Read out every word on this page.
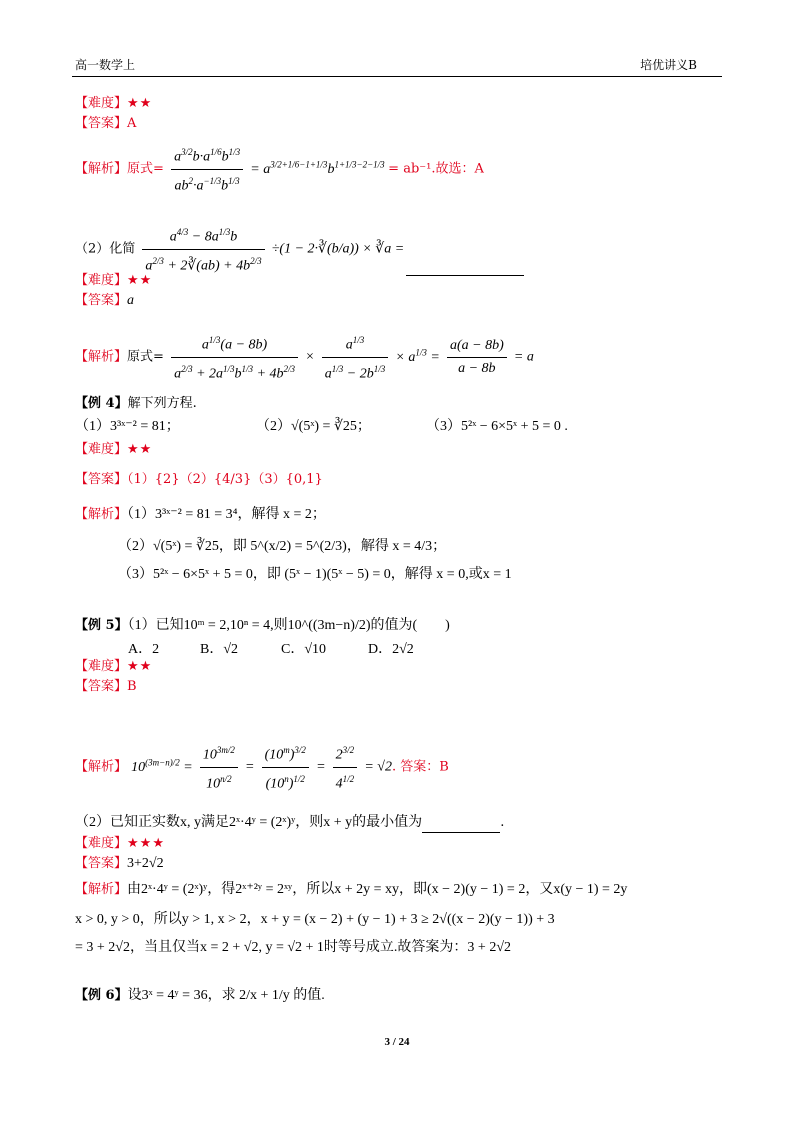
高一数学上	培优讲义B
【难度】★★
【答案】A
【解析】原式= $\frac{a^{3/2}b\cdot a^{1/6}b^{1/3}}{ab^2\cdot a^{-1/3}b^{1/3}} = a^{3/2+1/6-1+1/3}b^{1+1/3-2-1/3} = ab^{-1}$.故选：A
（2）化简 $\frac{a^{4/3} - 8a^{1/3}b}{a^{2/3} + 2∛(ab) + 4b^{2/3}} \div(1$ − 2·∛(b/a)) × ∛a =
【难度】★★
【答案】a
【解析】原式= $\frac{a^{1/3}(a - 8b)}{a^{2/3} + 2a^{1/3}b^{1/3} + 4b^{2/3}} \times \frac{a^{1/3}}{a^{1/3} - 2b^{1/3}} \times a^{1/3} = \frac{a(a - 8b)}{a - 8b} = a$
【例 4】解下列方程.
（1）3³ˣ⁻² = 81；	（2）√(5ˣ) = ∛25；	（3）5²ˣ − 6×5ˣ + 5 = 0 .
【难度】★★
【答案】（1）{2}（2）{4/3}（3）{0,1}
【解析】（1）3³ˣ⁻² = 81 = 3⁴，解得 x = 2；
（2）√(5ˣ) = ∛25，即 5^(x/2) = 5^(2/3)，解得 x = 4/3；
（3）5²ˣ − 6×5ˣ + 5 = 0，即 (5ˣ − 1)(5ˣ − 5) = 0，解得 x = 0,或x = 1
【例 5】（1）已知10ᵐ = 2,10ⁿ = 4,则10^((3m−n)/2)的值为(　　)
A．2	B．√2	C．√10	D．2√2
【难度】★★
【答案】B
【解析】 $10^{(3m-n)/2} = \frac{10^{3m/2}}{10^{n/2}} = \frac{(10^m)^{3/2}}{(10^n)^{1/2}} = \frac{2^{3/2}}{4^{1/2}} = √2$. 答案：B
（2）已知正实数x, y满足2ˣ·4ʸ = (2ˣ)ʸ，则x + y的最小值为	.
【难度】★★★
【答案】3+2√2
【解析】由2ˣ·4ʸ = (2ˣ)ʸ，得2ˣ⁺²ʸ = 2ˣʸ，所以x + 2y = xy，即(x − 2)(y − 1) = 2，又x(y − 1) = 2y
x > 0, y > 0，所以y > 1, x > 2，x + y = (x − 2) + (y − 1) + 3 ≥ 2√((x − 2)(y − 1)) + 3
= 3 + 2√2，当且仅当x = 2 + √2, y = √2 + 1时等号成立.故答案为：3 + 2√2
【例 6】设3ˣ = 4ʸ = 36，求 2/x + 1/y 的值.
3 / 24
